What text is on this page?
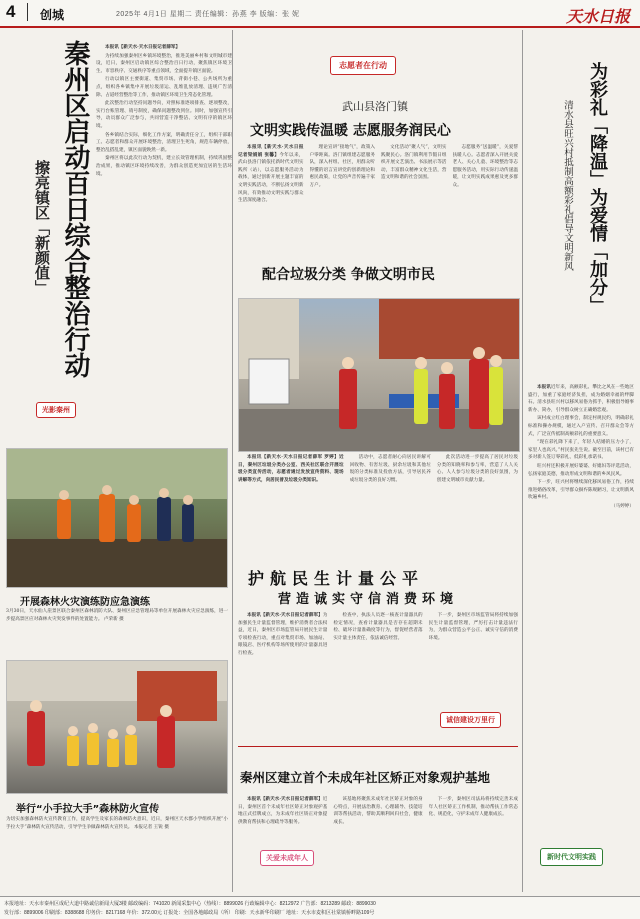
4 创城	2025年 4月1日 星期二 责任编辑：孙燕 李 版编：张 妮	天水日报
秦州区启动百日综合整治行动
擦亮镇区「新颜值」

本报讯【新天水·天水日报记者薛军】

为持续加强秦州区乡镇环境整治，推进美丽乡村和文明城市建设，近日，秦州区启动镇区综合整治百日行动，聚焦镇区环境卫生、市容秩序、交通秩序等重点领域，全面提升镇区面貌。

行动以镇区主要街道、集贸市场、背街小巷、公共场所为重点，组织各乡镇集中开展垃圾清运、乱堆乱放清理、违规广告清除、占道经营整治等工作，推动镇区环境卫生常态化管理。

此次整治行动坚持问题导向，对照标准逐项排查、逐项整改，实行台账管理、销号制度，确保问题整改到位。同时，加强宣传引导，动员群众广泛参与，共同营造干净整洁、文明有序的镇区环境。

各乡镇结合实际，细化工作方案，明确责任分工，组织干部职工、志愿者和群众开展环境整治，清理卫生死角，规范车辆停放，整治乱搭乱建，镇区面貌焕然一新。

秦州区将以此次行动为契机，建立长效管理机制，持续巩固整治成果，推动镇区环境持续改善，为群众创造更加宜居的生活环境。

光影秦州
开展森林火灾演练防应急演练
3月30日，天水仙人崖景区联合秦州区森林消防大队、秦州区应急管理局等单位开展森林火灾应急演练，进一步提高景区应对森林火灾突发事件的处置能力。 卢荣新 摄
举行“小手拉大手”森林防火宣传
为切实加强森林防火宣传教育工作，提高学生及家长的森林防火意识，近日，秦州区天水郡小学组织开展“小手拉大手”森林防火宣传活动，引导学生争做森林防火宣传员。 本报记者 王锐 摄
志愿者在行动
武山县洛门镇
文明实践传温暖 志愿服务润民心

本报讯【新天水·天水日报记者梁娟娟 张馨】今年以来，武山县洛门镇依托新时代文明实践所（站），以志愿服务活动为载体，通过创新开展主题丰富的文明实践活动，不断弘扬文明新风尚，有效推动文明实践与群众生活深度融合。

理论宣讲“接地气”，政策入户零距离。洛门镇组建志愿服务队，深入村组、社区，用群众听得懂的语言宣讲党的创新理论和惠民政策，让党的声音传遍千家万户。

文化活动“聚人气”，文明实践聚民心。洛门镇利用节假日组织开展文艺演出、书法展示等活动，丰富群众精神文化生活，营造文明和谐的社会氛围。

志愿服务“送温暖”，关爱帮扶暖人心。志愿者深入开展关爱老人、关心儿童、环境整治等志愿服务活动，用实际行动传递温暖，让文明实践成果惠及更多群众。

配合垃圾分类 争做文明市民

本报讯【新天水·天水日报记者薛军 罗婷】近日，秦州区垃圾分类办公室、西关社区联合开展垃圾分类宣传活动，志愿者通过发放宣传资料、现场讲解等方式，向居民普及垃圾分类知识。

活动中，志愿者耐心向居民讲解可回收物、有害垃圾、厨余垃圾和其他垃圾的分类标准及投放方法，引导居民养成垃圾分类的良好习惯。

此次活动进一步提高了居民对垃圾分类的知晓率和参与率，营造了人人关心、人人参与垃圾分类的良好氛围，为创建文明城市贡献力量。

护航民生计量公平
营造诚实守信消费环境

本报讯【新天水·天水日报记者薛军】为加强民生计量监督管理，维护消费者合法权益，近日，秦州区市场监管局开展民生计量专项检查行动，重点对集贸市场、加油站、眼镜店、医疗机构等场所使用的计量器具进行检查。

检查中，执法人员逐一核查计量器具的检定情况，查看计量器具是否存在超期未检、破坏计量准确度等行为，督促经营者落实计量主体责任，依法诚信经营。

下一步，秦州区市场监管局将持续加强民生计量监督管理，严厉打击计量违法行为，为群众营造公平公正、诚实守信的消费环境。

诚信建设万里行
秦州区建立首个未成年社区矫正对象观护基地

本报讯【新天水·天水日报记者薛军】近日，秦州区首个未成年社区矫正对象观护基地正式挂牌成立，为未成年社区矫正对象提供教育帮扶和心理疏导等服务。

该基地将聚焦未成年社区矫正对象的身心特点，开展法治教育、心理辅导、技能培训等帮扶活动，帮助其顺利回归社会，健康成长。

下一步，秦州区司法局将持续完善未成年人社区矫正工作机制，推动帮扶工作常态化、规范化，守护未成年人健康成长。

关爱未成年人
为彩礼「降温」为爱情「加分」
清水县旺兴村抵制高额彩礼倡导文明新风

本报讯近年来，高额彩礼、攀比之风在一些地区盛行，加重了家庭经济负担，成为婚姻幸福的绊脚石。清水县旺兴村以移风易俗为抓手，积极倡导婚事新办、简办，引导群众树立正确婚恋观。

该村成立红白理事会，制定村规民约，明确彩礼标准和操办规模，通过入户宣传、召开群众会等方式，广泛宣传抵制高额彩礼的重要意义。

“现在彩礼降下来了，年轻人结婚的压力小了，家里人也高兴。”村民张先生说。截至目前，该村已有多对新人签订零彩礼、低彩礼承诺书。

旺兴村还积极开展好婆婆、好媳妇等评选活动，弘扬家庭美德，推动形成文明和谐的乡风民风。

下一步，旺兴村将继续深化移风易俗工作，持续推进婚俗改革，引导群众摒弃陈规陋习，让文明新风吹遍乡村。

（马婷婷）

新时代文明实践
本报地址：天水市秦州区成纪大道中路诚信新闻大厦3楼 邮政编码：741020 新闻采集中心（热线）：8899026 行政编辑中心：8212972 广告部：8213289 邮政：8899030
发行部：8899006 印刷部：8388688 印务价：8217168 年价：372.00元 订报处：全国各地邮政局（所） 印刷：天水新华印刷厂 地址：天水市麦积区社棠镇桥畔路109号
